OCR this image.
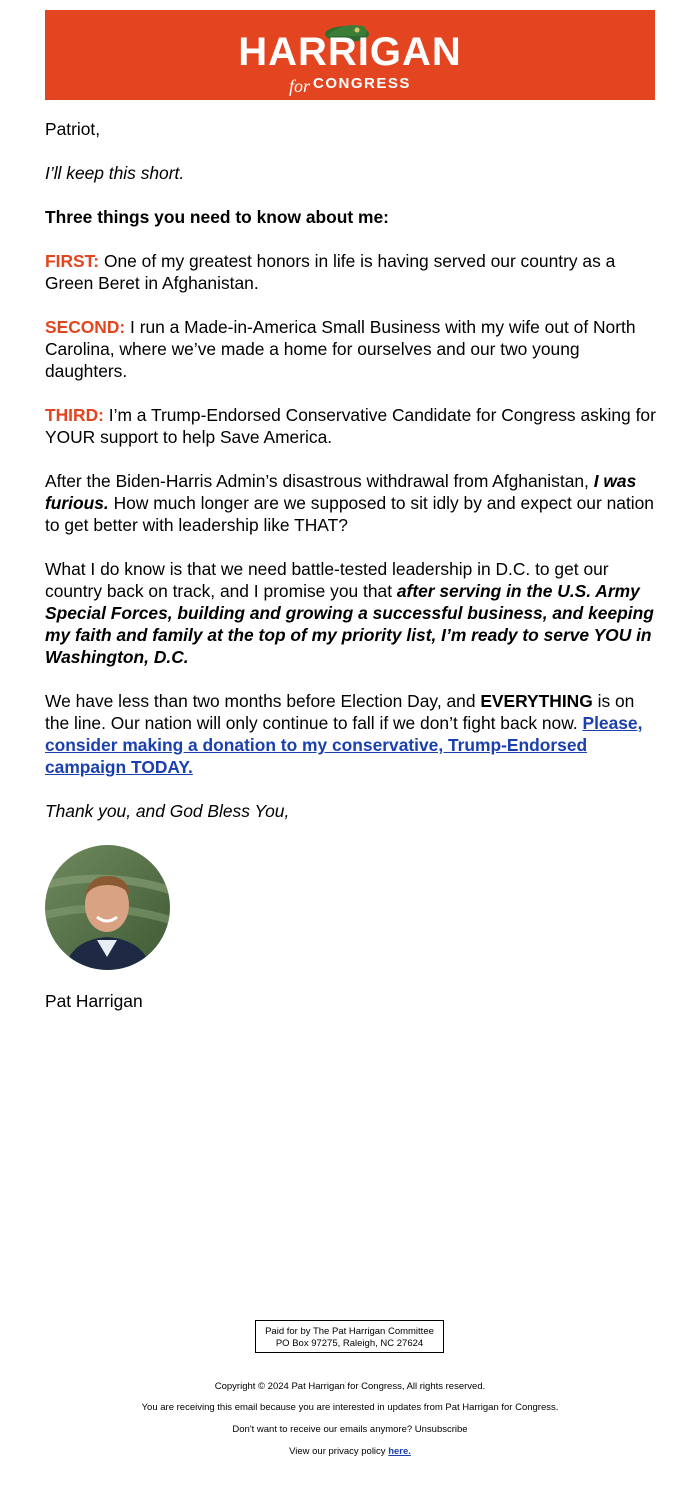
HARRIGAN
for CONGRESS

Patriot,

I’ll keep this short.

Three things you need to know about me:

FIRST: One of my greatest honors in life is having served our country as a Green Beret in Afghanistan.

SECOND: I run a Made-in-America Small Business with my wife out of North Carolina, where we’ve made a home for ourselves and our two young daughters.

THIRD: I’m a Trump-Endorsed Conservative Candidate for Congress asking for YOUR support to help Save America.

After the Biden-Harris Admin’s disastrous withdrawal from Afghanistan, I was furious. How much longer are we supposed to sit idly by and expect our nation to get better with leadership like THAT?

What I do know is that we need battle-tested leadership in D.C. to get our country back on track, and I promise you that after serving in the U.S. Army Special Forces, building and growing a successful business, and keeping my faith and family at the top of my priority list, I’m ready to serve YOU in Washington, D.C.

We have less than two months before Election Day, and EVERYTHING is on the line. Our nation will only continue to fall if we don’t fight back now. Please, consider making a donation to my conservative, Trump-Endorsed campaign TODAY.

Thank you, and God Bless You,

Pat Harrigan
Paid for by The Pat Harrigan Committee
PO Box 97275, Raleigh, NC 27624
Copyright © 2024 Pat Harrigan for Congress, All rights reserved.
You are receiving this email because you are interested in updates from Pat Harrigan for Congress.
Don't want to receive our emails anymore? Unsubscribe
View our privacy policy here.
